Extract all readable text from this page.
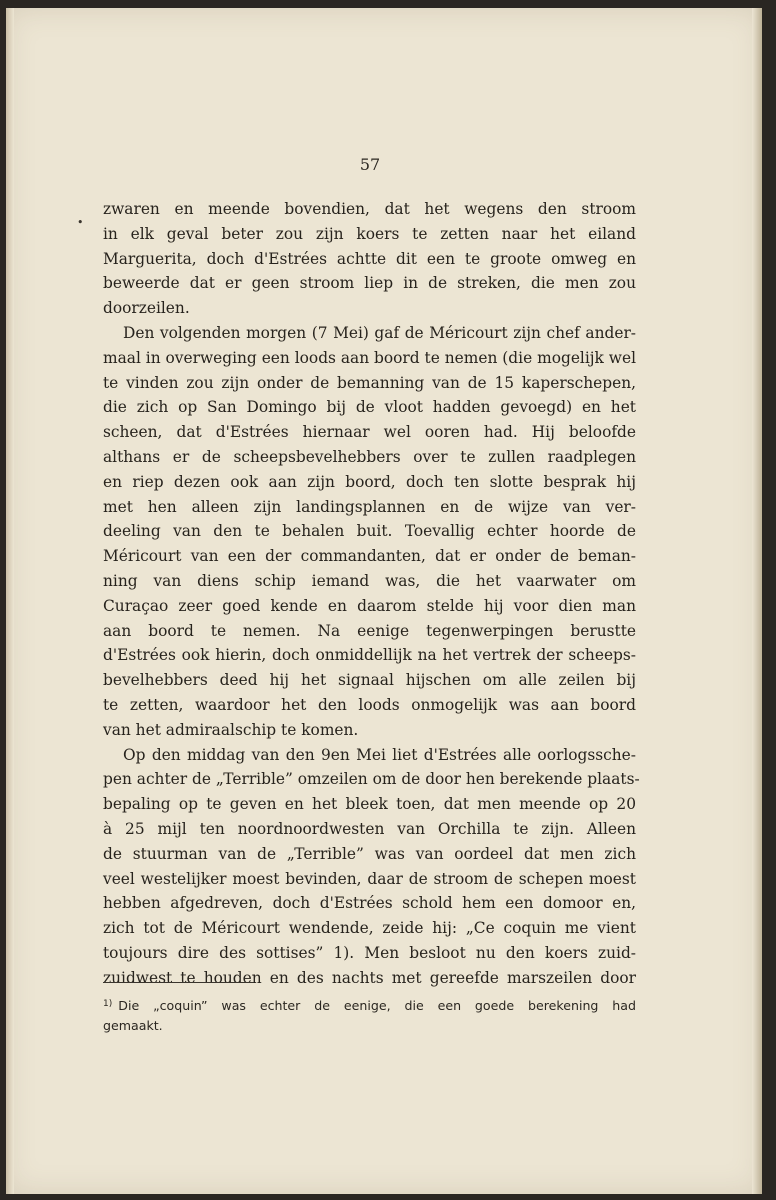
57
•
zwaren en meende bovendien, dat het wegens den stroom
in elk geval beter zou zijn koers te zetten naar het eiland
Marguerita, doch d'Estrées achtte dit een te groote omweg en
beweerde dat er geen stroom liep in de streken, die men zou
doorzeilen.
Den volgenden morgen (7 Mei) gaf de Méricourt zijn chef ander-
maal in overweging een loods aan boord te nemen (die mogelijk wel
te vinden zou zijn onder de bemanning van de 15 kaperschepen,
die zich op San Domingo bij de vloot hadden gevoegd) en het
scheen, dat d'Estrées hiernaar wel ooren had. Hij beloofde
althans er de scheepsbevelhebbers over te zullen raadplegen
en riep dezen ook aan zijn boord, doch ten slotte besprak hij
met hen alleen zijn landingsplannen en de wijze van ver-
deeling van den te behalen buit. Toevallig echter hoorde de
Méricourt van een der commandanten, dat er onder de beman-
ning van diens schip iemand was, die het vaarwater om
Curaçao zeer goed kende en daarom stelde hij voor dien man
aan boord te nemen. Na eenige tegenwerpingen berustte
d'Estrées ook hierin, doch onmiddellijk na het vertrek der scheeps-
bevelhebbers deed hij het signaal hijschen om alle zeilen bij
te zetten, waardoor het den loods onmogelijk was aan boord
van het admiraalschip te komen.
Op den middag van den 9en Mei liet d'Estrées alle oorlogssche-
pen achter de „Terrible” omzeilen om de door hen berekende plaats-
bepaling op te geven en het bleek toen, dat men meende op 20
à 25 mijl ten noordnoordwesten van Orchilla te zijn. Alleen
de stuurman van de „Terrible” was van oordeel dat men zich
veel westelijker moest bevinden, daar de stroom de schepen moest
hebben afgedreven, doch d'Estrées schold hem een domoor en,
zich tot de Méricourt wendende, zeide hij: „Ce coquin me vient
toujours dire des sottises” 1). Men besloot nu den koers zuid-
zuidwest te houden en des nachts met gereefde marszeilen door
$^{1)}$ Die „coquin” was echter de eenige, die een goede berekening had
gemaakt.
